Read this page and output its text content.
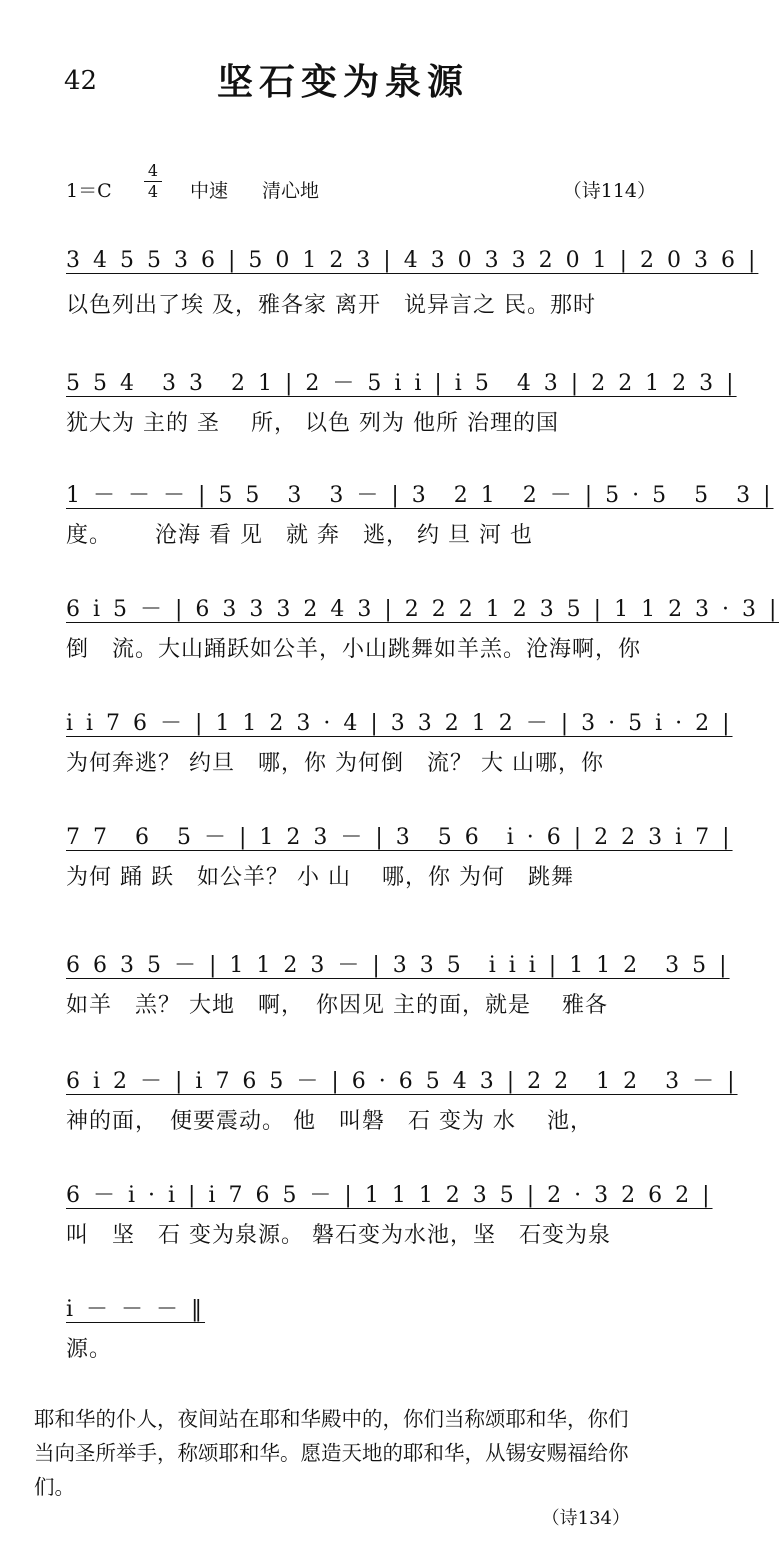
42	坚石变为泉源
1＝C
4
4 中速 清心地	（诗114）
3 4 5 5 3 6 | 5 0 1 2 3 | 4 3 0 3 3 2 0 1 | 2 0 3 6 |
以色列出了埃 及，雅各家 离开　说异言之 民。那时
5 5 4　3 3　2 1 | 2 － 5 i i | i 5　4 3 | 2 2 1 2 3 |
犹大为 主的 圣　 所， 以色 列为 他所 治理的国
1 － － － | 5 5　3　3 － | 3　2 1　2 － | 5 · 5　5　3 |
度。　　 沧海 看 见　就 奔　逃， 约 旦 河 也
6 i 5 － | 6 3 3 3 2 4 3 | 2 2 2 1 2 3 5 | 1 1 2 3 · 3 |
倒　流。大山踊跃如公羊，小山跳舞如羊羔。沧海啊，你
i i 7 6 － | 1 1 2 3 · 4 | 3 3 2 1 2 － | 3 · 5 i · 2 |
为何奔逃？ 约旦　哪，你 为何倒　流？ 大 山哪，你
7 7　6　5 － | 1 2 3 － | 3　5 6　i · 6 | 2 2 3 i 7 |
为何 踊 跃　如公羊？ 小 山　 哪，你 为何　跳舞
6 6 3 5 － | 1 1 2 3 － | 3 3 5　i i i | 1 1 2　3 5 |
如羊　羔？ 大地　啊，　你因见 主的面，就是　 雅各
6 i 2 － | i 7 6 5 － | 6 · 6 5 4 3 | 2 2　1 2　3 － |
神的面，　便要震动。 他　叫磐　石 变为 水　 池，
6 － i · i | i 7 6 5 － | 1 1 1 2 3 5 | 2 · 3 2 6 2 |
叫　坚　石 变为泉源。 磐石变为水池，坚　石变为泉
i － － － ‖
源。
耶和华的仆人，夜间站在耶和华殿中的，你们当称颂耶和华，你们当向圣所举手，称颂耶和华。愿造天地的耶和华，从锡安赐福给你们。
（诗134）
